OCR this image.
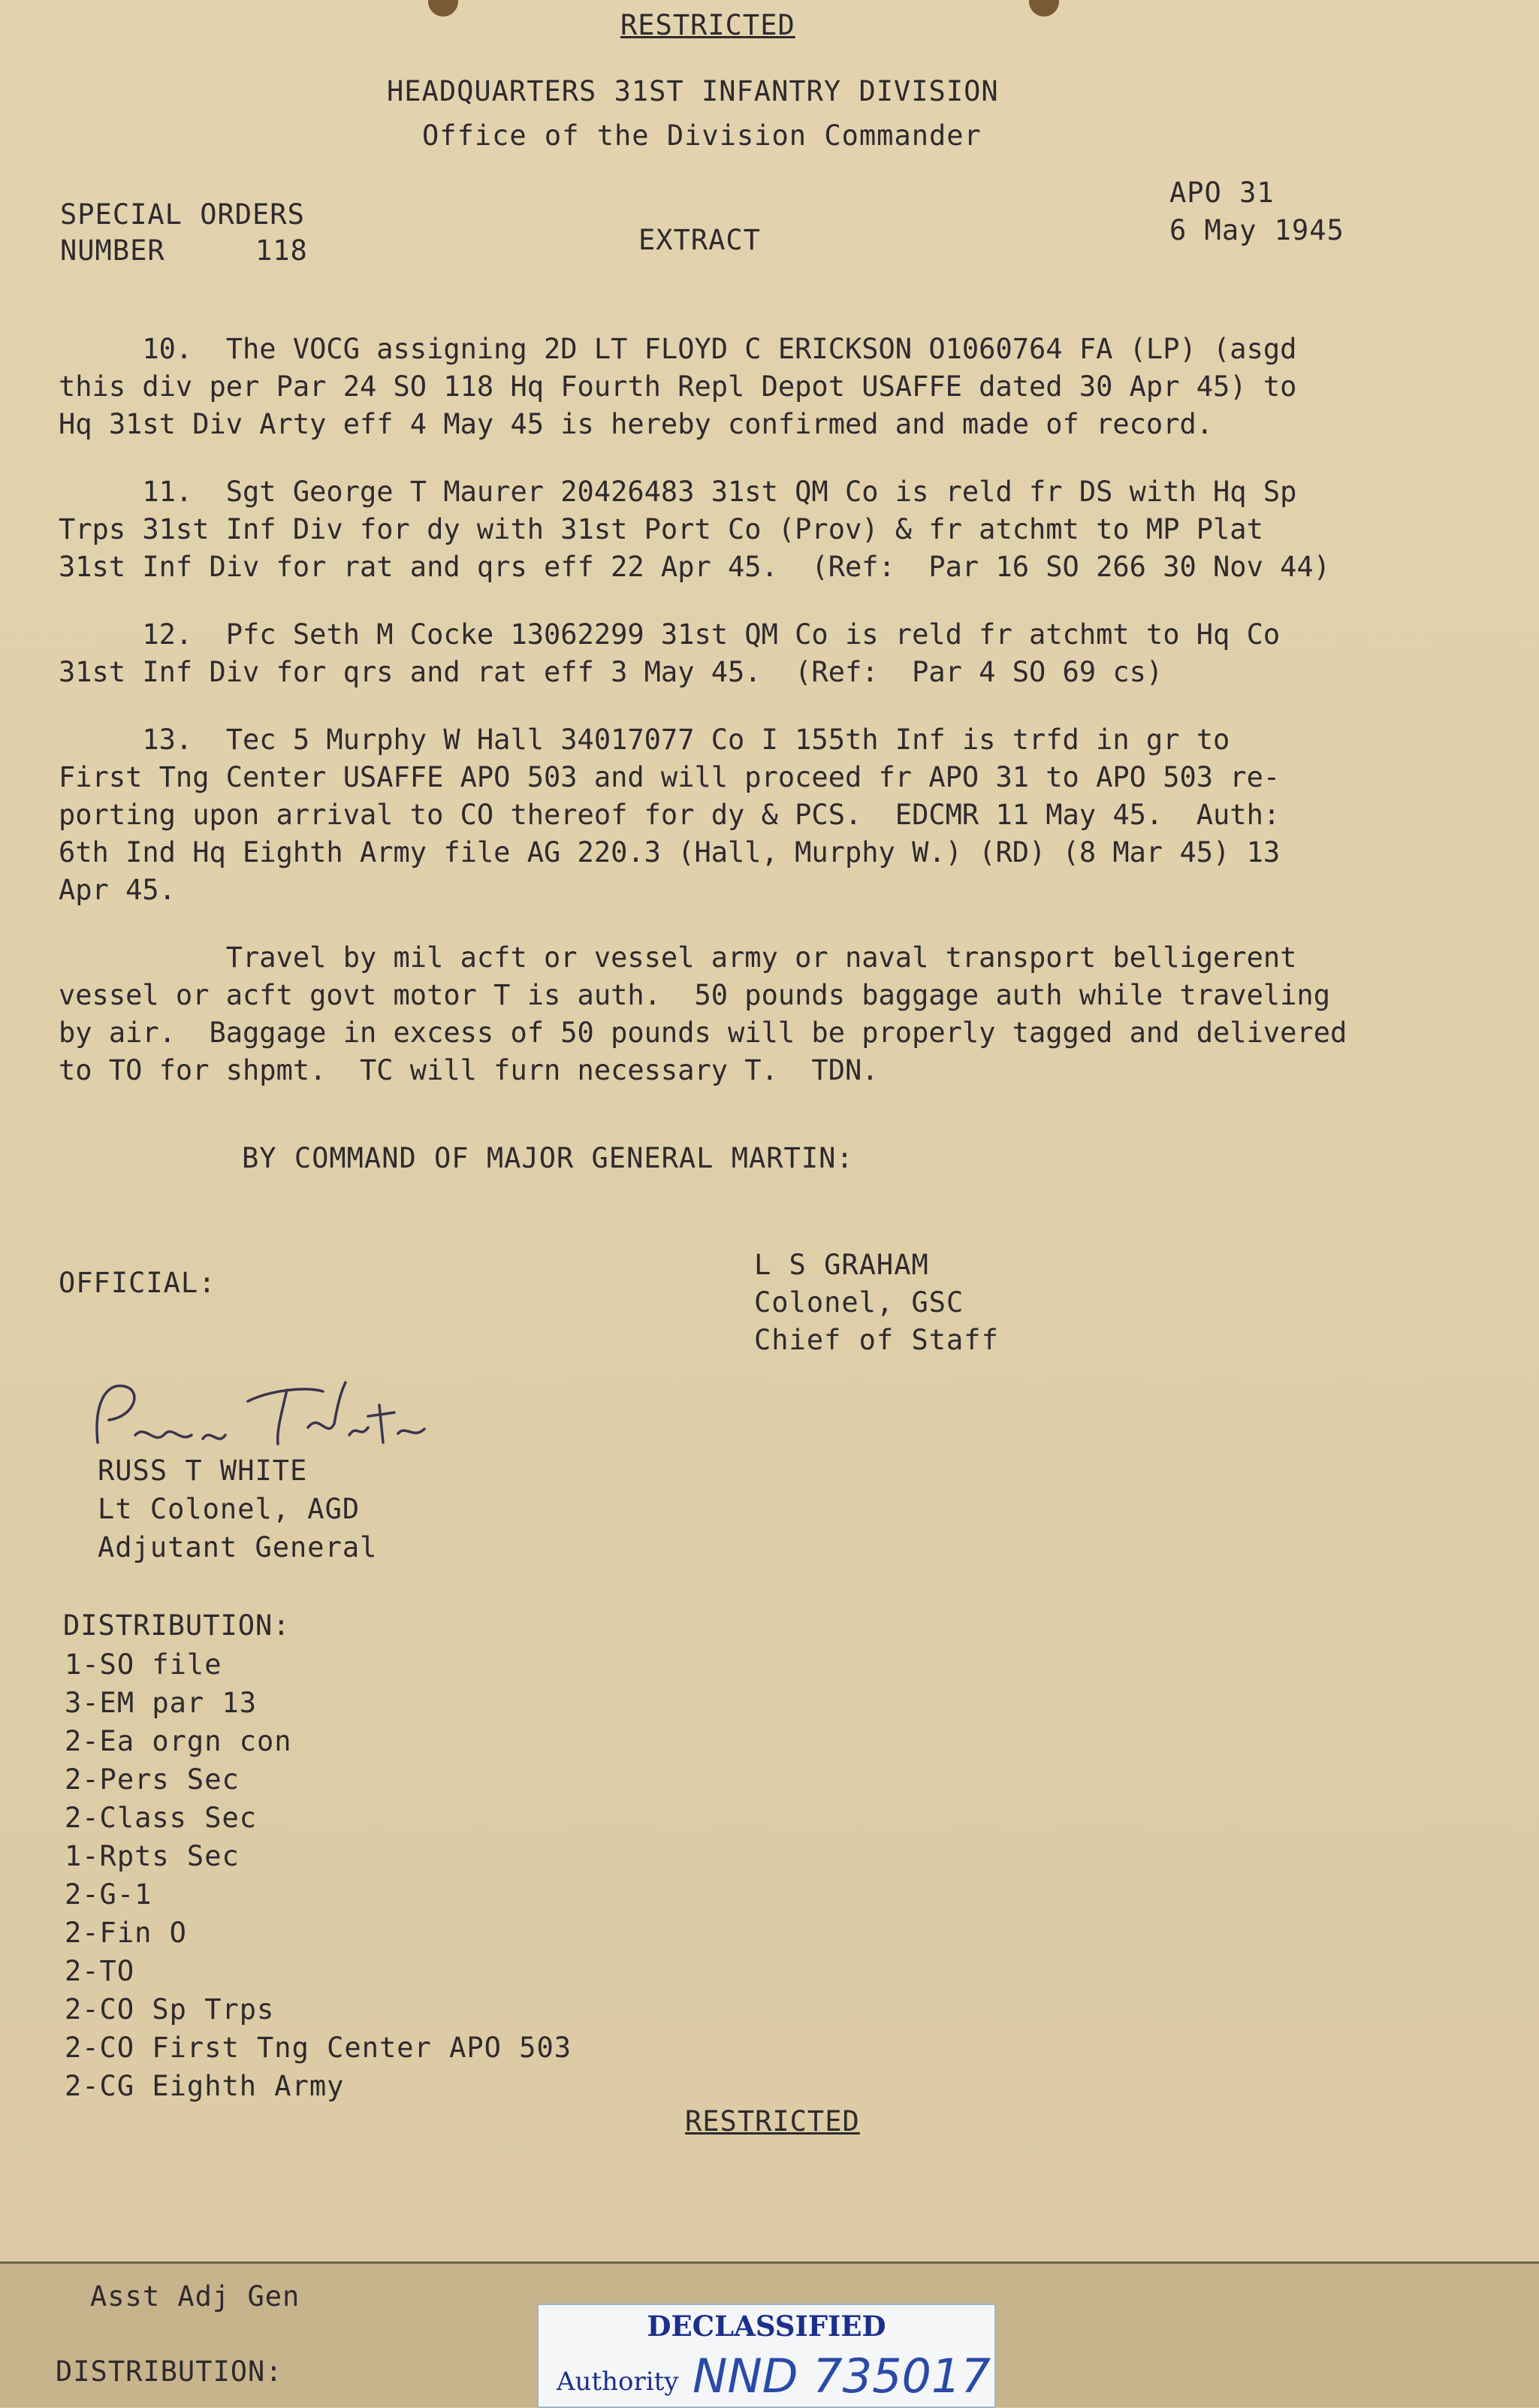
RESTRICTED
HEADQUARTERS 31ST INFANTRY DIVISION
Office of the Division Commander
SPECIAL ORDERS
NUMBER	118	EXTRACT
APO 31
6 May 1945

10.  The VOCG assigning 2D LT FLOYD C ERICKSON O1060764 FA (LP) (asgd

this div per Par 24 SO 118 Hq Fourth Repl Depot USAFFE dated 30 Apr 45) to

Hq 31st Div Arty eff 4 May 45 is hereby confirmed and made of record.

11.  Sgt George T Maurer 20426483 31st QM Co is reld fr DS with Hq Sp

Trps 31st Inf Div for dy with 31st Port Co (Prov) & fr atchmt to MP Plat

31st Inf Div for rat and qrs eff 22 Apr 45.  (Ref:  Par 16 SO 266 30 Nov 44)

12.  Pfc Seth M Cocke 13062299 31st QM Co is reld fr atchmt to Hq Co

31st Inf Div for qrs and rat eff 3 May 45.  (Ref:  Par 4 SO 69 cs)

13.  Tec 5 Murphy W Hall 34017077 Co I 155th Inf is trfd in gr to

First Tng Center USAFFE APO 503 and will proceed fr APO 31 to APO 503 re-

porting upon arrival to CO thereof for dy & PCS.  EDCMR 11 May 45.  Auth:

6th Ind Hq Eighth Army file AG 220.3 (Hall, Murphy W.) (RD) (8 Mar 45) 13

Apr 45.

Travel by mil acft or vessel army or naval transport belligerent

vessel or acft govt motor T is auth.  50 pounds baggage auth while traveling

by air.  Baggage in excess of 50 pounds will be properly tagged and delivered

to TO for shpmt.  TC will furn necessary T.  TDN.

BY COMMAND OF MAJOR GENERAL MARTIN:
OFFICIAL:
L S GRAHAM
Colonel, GSC
Chief of Staff
RUSS T WHITE
Lt Colonel, AGD
Adjutant General
DISTRIBUTION:
1-SO file
3-EM par 13
2-Ea orgn con
2-Pers Sec
2-Class Sec
1-Rpts Sec
2-G-1
2-Fin O
2-TO
2-CO Sp Trps
2-CO First Tng Center APO 503
2-CG Eighth Army
RESTRICTED
Asst Adj Gen
DISTRIBUTION:
DECLASSIFIED
Authority NND 735017
